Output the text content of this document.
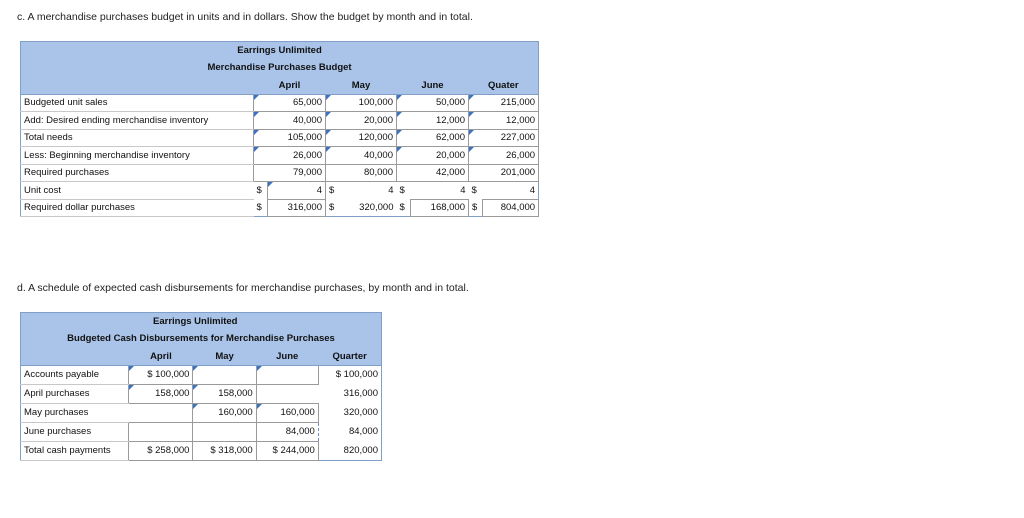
c. A merchandise purchases budget in units and in dollars. Show the budget by month and in total.
Earrings Unlimited								
Merchandise Purchases Budget								
	April		May		June		Quater	
Budgeted unit sales	65,000		100,000		50,000		215,000	
Add: Desired ending merchandise inventory	40,000		20,000		12,000		12,000	
Total needs	105,000		120,000		62,000		227,000	
Less: Beginning merchandise inventory	26,000		40,000		20,000		26,000	
Required purchases	79,000		80,000		42,000		201,000	
Unit cost	$	4	$	4	$	4	$	4
Required dollar purchases	$	316,000	$	320,000	$	168,000	$	804,000
d. A schedule of expected cash disbursements for merchandise purchases, by month and in total.
Earrings Unlimited				
Budgeted Cash Disbursements for Merchandise Purchases				
	April	May	June	Quarter
Accounts payable	$ 100,000			$ 100,000
April purchases	158,000	158,000		316,000
May purchases		160,000	160,000	320,000
June purchases			84,000	84,000
Total cash payments	$ 258,000	$ 318,000	$ 244,000	820,000
